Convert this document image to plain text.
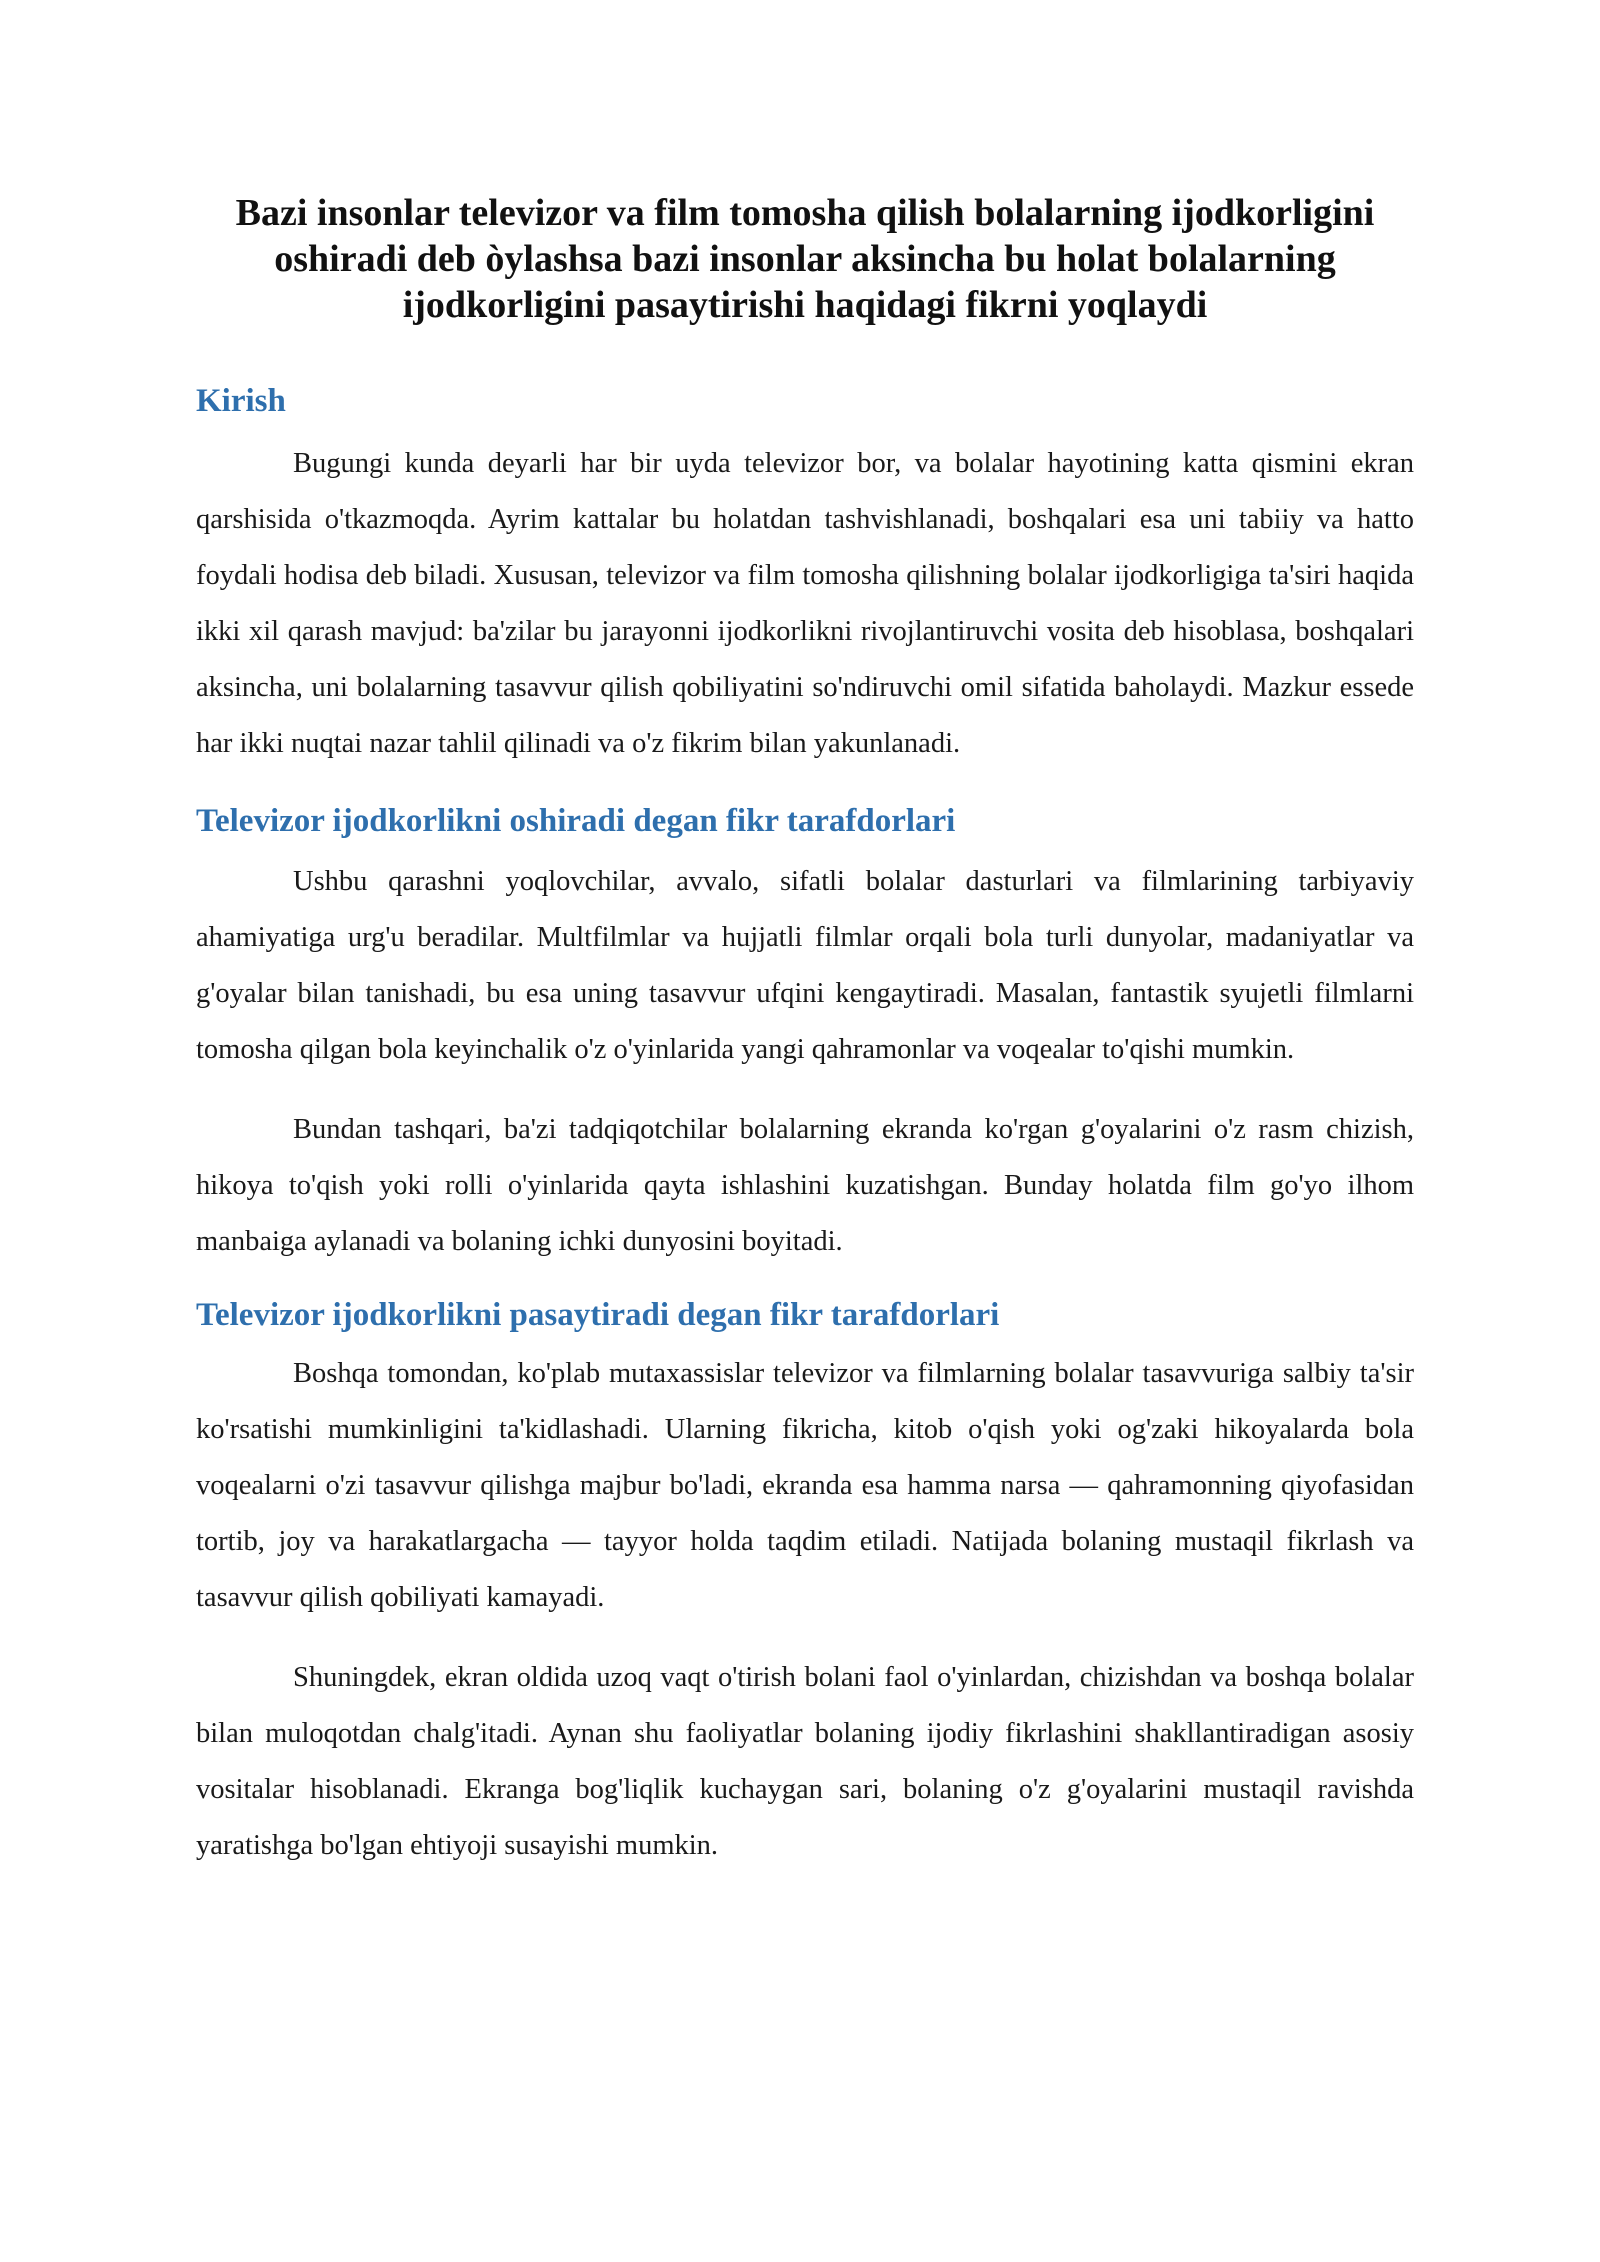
Bazi insonlar televizor va film tomosha qilish bolalarning ijodkorligini oshiradi deb òylashsa bazi insonlar aksincha bu holat bolalarning ijodkorligini pasaytirishi haqidagi fikrni yoqlaydi
Kirish

Bugungi kunda deyarli har bir uyda televizor bor, va bolalar hayotining katta qismini ekran qarshisida o'tkazmoqda. Ayrim kattalar bu holatdan tashvishlanadi, boshqalari esa uni tabiiy va hatto foydali hodisa deb biladi. Xususan, televizor va film tomosha qilishning bolalar ijodkorligiga ta'siri haqida ikki xil qarash mavjud: ba'zilar bu jarayonni ijodkorlikni rivojlantiruvchi vosita deb hisoblasa, boshqalari aksincha, uni bolalarning tasavvur qilish qobiliyatini so'ndiruvchi omil sifatida baholaydi. Mazkur essede har ikki nuqtai nazar tahlil qilinadi va o'z fikrim bilan yakunlanadi.

Televizor ijodkorlikni oshiradi degan fikr tarafdorlari

Ushbu qarashni yoqlovchilar, avvalo, sifatli bolalar dasturlari va filmlarining tarbiyaviy ahamiyatiga urg'u beradilar. Multfilmlar va hujjatli filmlar orqali bola turli dunyolar, madaniyatlar va g'oyalar bilan tanishadi, bu esa uning tasavvur ufqini kengaytiradi. Masalan, fantastik syujetli filmlarni tomosha qilgan bola keyinchalik o'z o'yinlarida yangi qahramonlar va voqealar to'qishi mumkin.

Bundan tashqari, ba'zi tadqiqotchilar bolalarning ekranda ko'rgan g'oyalarini o'z rasm chizish, hikoya to'qish yoki rolli o'yinlarida qayta ishlashini kuzatishgan. Bunday holatda film go'yo ilhom manbaiga aylanadi va bolaning ichki dunyosini boyitadi.

Televizor ijodkorlikni pasaytiradi degan fikr tarafdorlari

Boshqa tomondan, ko'plab mutaxassislar televizor va filmlarning bolalar tasavvuriga salbiy ta'sir ko'rsatishi mumkinligini ta'kidlashadi. Ularning fikricha, kitob o'qish yoki og'zaki hikoyalarda bola voqealarni o'zi tasavvur qilishga majbur bo'ladi, ekranda esa hamma narsa — qahramonning qiyofasidan tortib, joy va harakatlargacha — tayyor holda taqdim etiladi. Natijada bolaning mustaqil fikrlash va tasavvur qilish qobiliyati kamayadi.

Shuningdek, ekran oldida uzoq vaqt o'tirish bolani faol o'yinlardan, chizishdan va boshqa bolalar bilan muloqotdan chalg'itadi. Aynan shu faoliyatlar bolaning ijodiy fikrlashini shakllantiradigan asosiy vositalar hisoblanadi. Ekranga bog'liqlik kuchaygan sari, bolaning o'z g'oyalarini mustaqil ravishda yaratishga bo'lgan ehtiyoji susayishi mumkin.
